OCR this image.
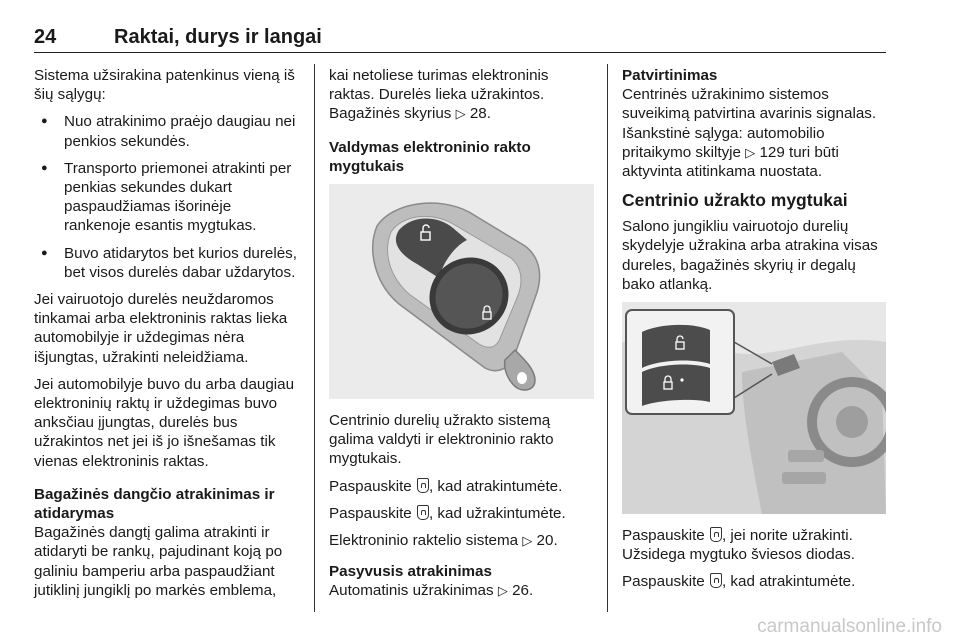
24	Raktai, durys ir langai

Sistema užsirakina patenkinus vieną iš šių sąlygų:

● Nuo atrakinimo praėjo daugiau nei penkios sekundės.
● Transporto priemonei atrakinti per penkias sekundes dukart paspaudžiamas išorinėje rankenoje esantis mygtukas.
● Buvo atidarytos bet kurios durelės, bet visos durelės dabar uždarytos.

Jei vairuotojo durelės neuždaromos tinkamai arba elektroninis raktas lieka automobilyje ir uždegimas nėra išjungtas, užrakinti neleidžiama.

Jei automobilyje buvo du arba daugiau elektroninių raktų ir uždegimas buvo anksčiau įjungtas, durelės bus užrakintos net jei iš jo išnešamas tik vienas elektroninis raktas.

Bagažinės dangčio atrakinimas ir atidarymas

Bagažinės dangtį galima atrakinti ir atidaryti be rankų, pajudinant koją po galiniu bamperiu arba paspaudžiant jutiklinį jungiklį po markės emblema,

kai netoliese turimas elektroninis raktas. Durelės lieka užrakintos. Bagažinės skyrius ▷ 28.

Valdymas elektroninio rakto mygtukais

Centrinio durelių užrakto sistemą galima valdyti ir elektroninio rakto mygtukais.

Paspauskite , kad atrakintumėte.

Paspauskite , kad užrakintumėte.

Elektroninio raktelio sistema ▷ 20.

Pasyvusis atrakinimas

Automatinis užrakinimas ▷ 26.

Patvirtinimas

Centrinės užrakinimo sistemos suveikimą patvirtina avarinis signalas. Išankstinė sąlyga: automobilio pritaikymo skiltyje ▷ 129 turi būti aktyvinta atitinkama nuostata.

Centrinio užrakto mygtukai

Salono jungikliu vairuotojo durelių skydelyje užrakina arba atrakina visas dureles, bagažinės skyrių ir degalų bako atlanką.

Paspauskite , jei norite užrakinti.
Užsidega mygtuko šviesos diodas.

Paspauskite , kad atrakintumėte.

carmanualsonline.info
